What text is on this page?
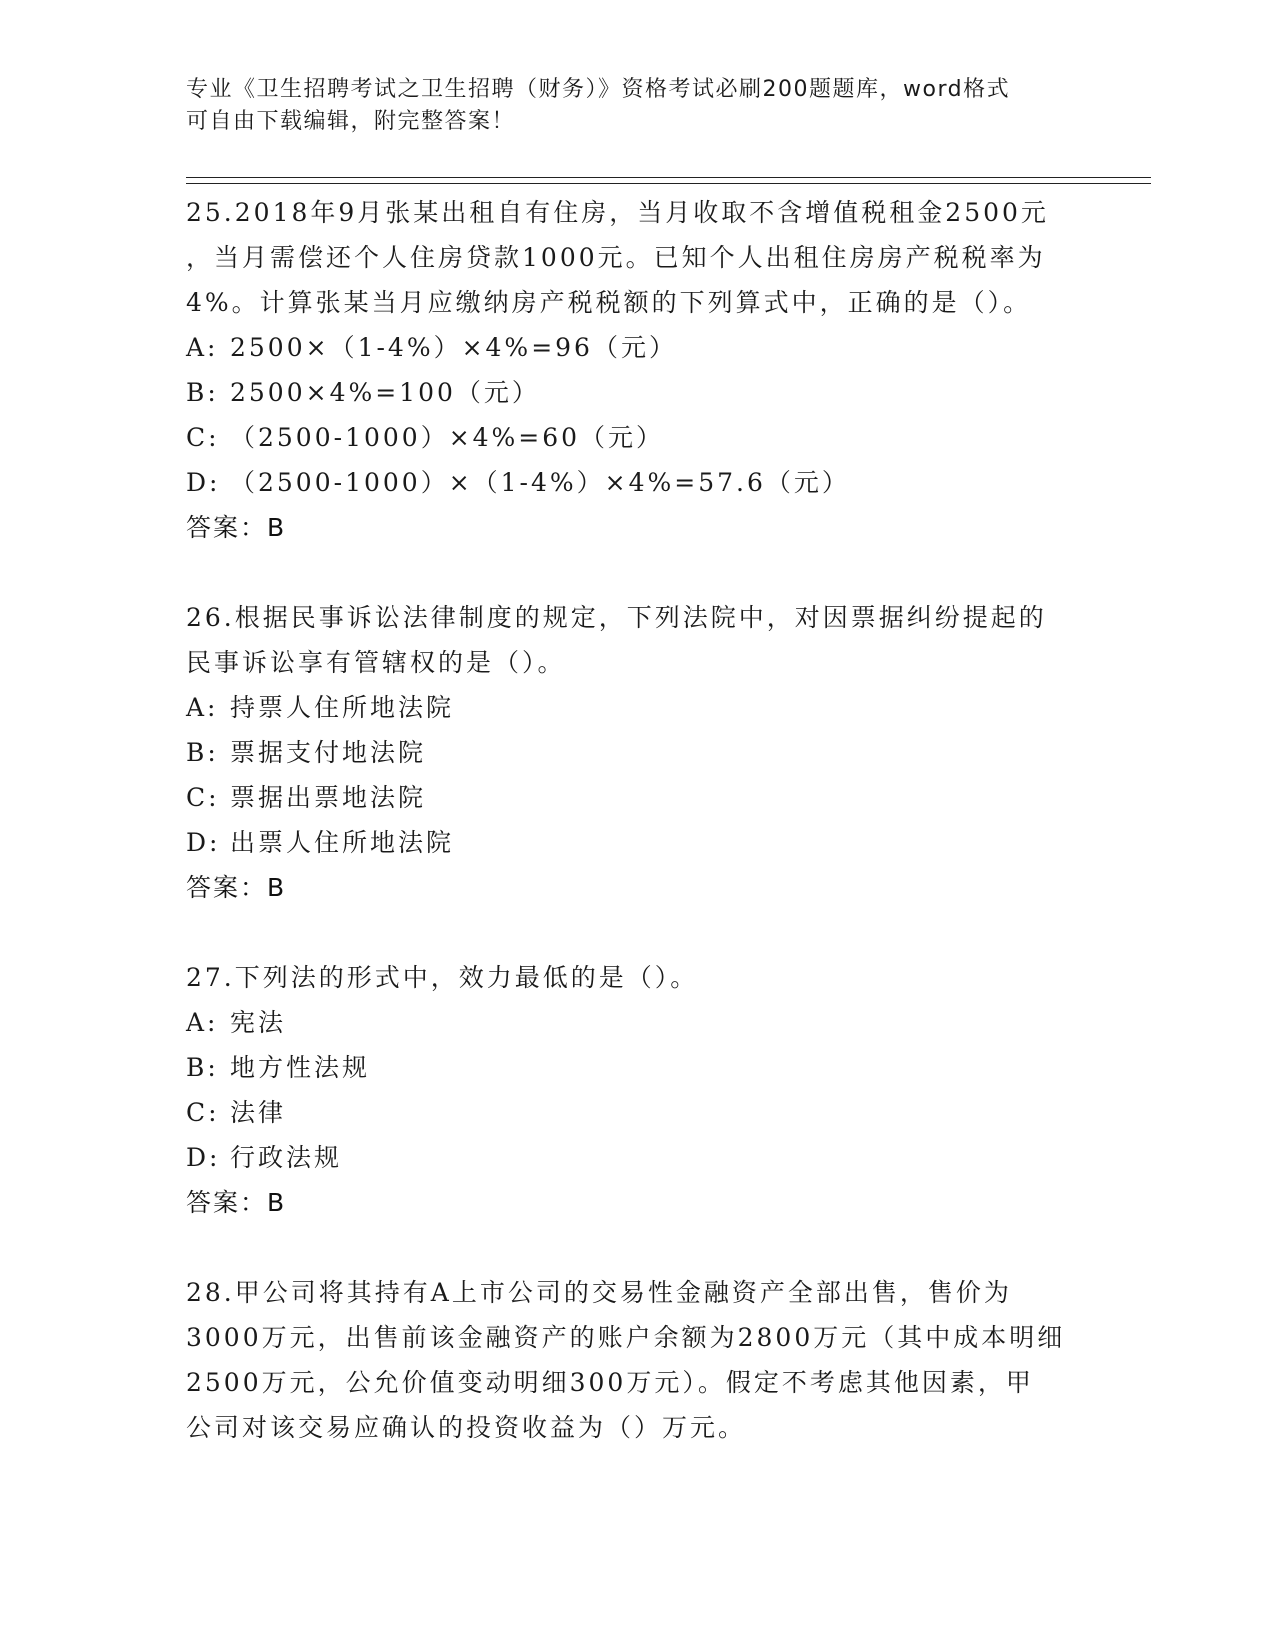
专业《卫生招聘考试之卫生招聘（财务）》资格考试必刷200题题库，word格式
可自由下载编辑，附完整答案！
25.2018年9月张某出租自有住房，当月收取不含增值税租金2500元
，当月需偿还个人住房贷款1000元。已知个人出租住房房产税税率为
4%。计算张某当月应缴纳房产税税额的下列算式中，正确的是（）。
A: 2500×（1-4%）×4%=96（元）
B: 2500×4%=100（元）
C: （2500-1000）×4%=60（元）
D: （2500-1000）×（1-4%）×4%=57.6（元）
答案：B
26.根据民事诉讼法律制度的规定，下列法院中，对因票据纠纷提起的
民事诉讼享有管辖权的是（）。
A: 持票人住所地法院
B: 票据支付地法院
C: 票据出票地法院
D: 出票人住所地法院
答案：B
27.下列法的形式中，效力最低的是（）。
A: 宪法
B: 地方性法规
C: 法律
D: 行政法规
答案：B
28.甲公司将其持有A上市公司的交易性金融资产全部出售，售价为
3000万元，出售前该金融资产的账户余额为2800万元（其中成本明细
2500万元，公允价值变动明细300万元）。假定不考虑其他因素，甲
公司对该交易应确认的投资收益为（）万元。
